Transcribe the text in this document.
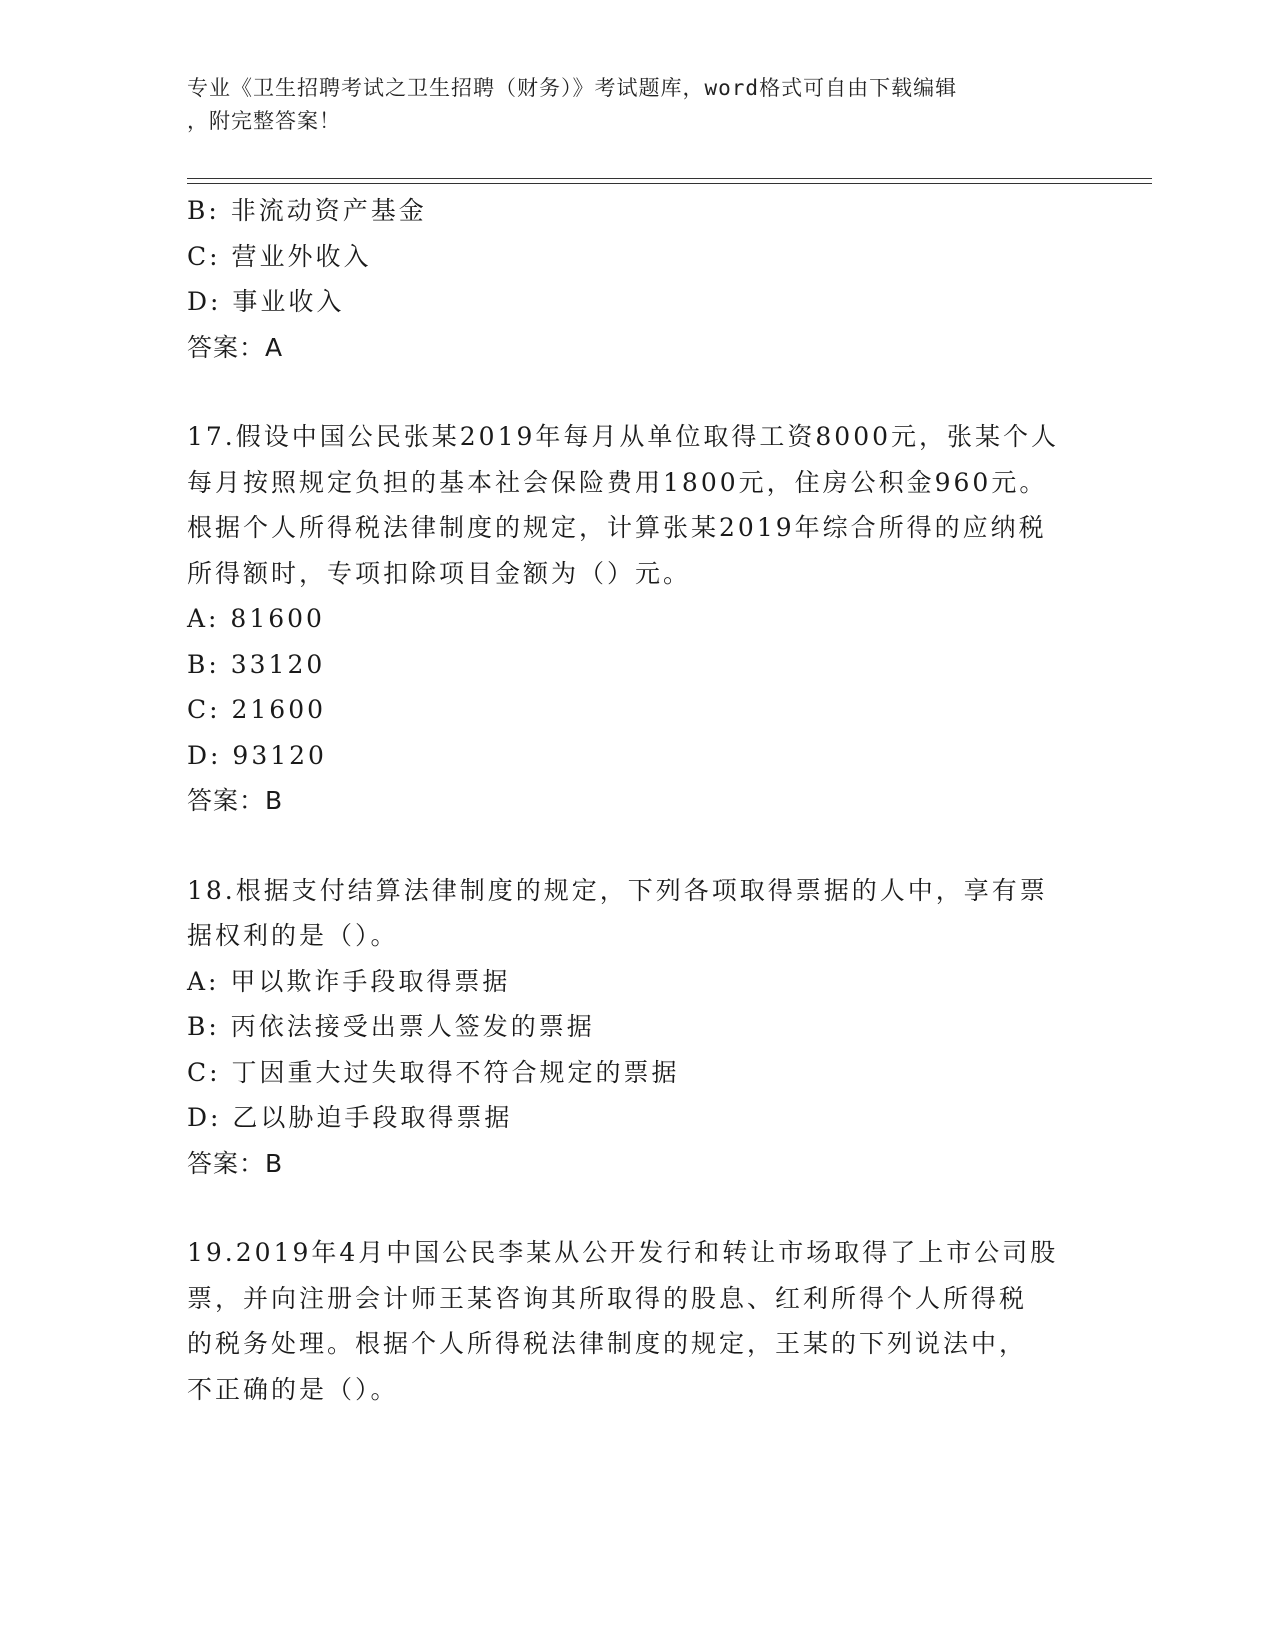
专业《卫生招聘考试之卫生招聘（财务）》考试题库，word格式可自由下载编辑
，附完整答案！
B: 非流动资产基金
C: 营业外收入
D: 事业收入
答案：A
17.假设中国公民张某2019年每月从单位取得工资8000元，张某个人
每月按照规定负担的基本社会保险费用1800元，住房公积金960元。
根据个人所得税法律制度的规定，计算张某2019年综合所得的应纳税
所得额时，专项扣除项目金额为（）元。
A: 81600
B: 33120
C: 21600
D: 93120
答案：B
18.根据支付结算法律制度的规定，下列各项取得票据的人中，享有票
据权利的是（）。
A: 甲以欺诈手段取得票据
B: 丙依法接受出票人签发的票据
C: 丁因重大过失取得不符合规定的票据
D: 乙以胁迫手段取得票据
答案：B
19.2019年4月中国公民李某从公开发行和转让市场取得了上市公司股
票，并向注册会计师王某咨询其所取得的股息、红利所得个人所得税
的税务处理。根据个人所得税法律制度的规定，王某的下列说法中，
不正确的是（）。
